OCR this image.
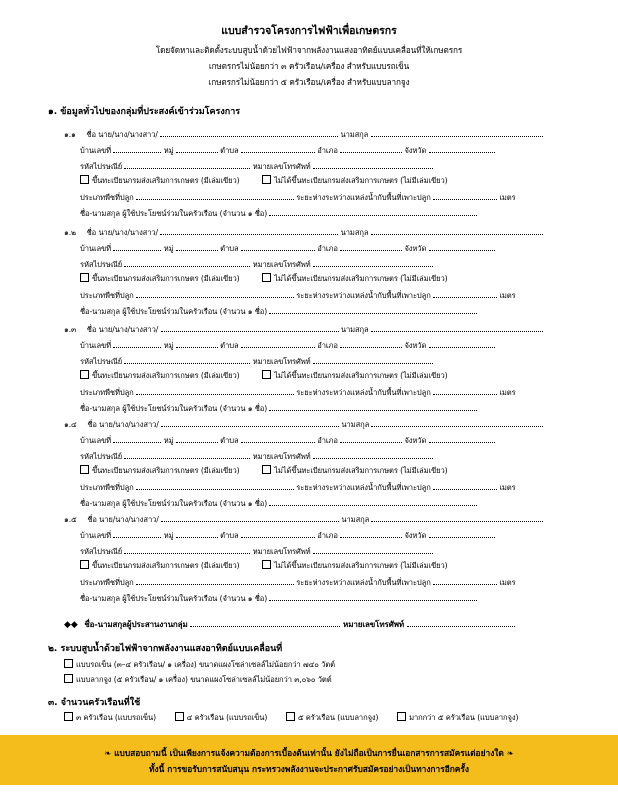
แบบสำรวจโครงการไฟฟ้าเพื่อเกษตรกร
โดยจัดหาและติดตั้งระบบสูบน้ำด้วยไฟฟ้าจากพลังงานแสงอาทิตย์แบบเคลื่อนที่ให้เกษตรกร
เกษตรกรไม่น้อยกว่า ๓ ครัวเรือน/เครื่อง สำหรับแบบรถเข็น
เกษตรกรไม่น้อยกว่า ๕ ครัวเรือน/เครื่อง สำหรับแบบลากจูง
๑. ข้อมูลทั่วไปของกลุ่มที่ประสงค์เข้าร่วมโครงการ
๑.๑ ชื่อ นาย/นาง/นางสาว/	นามสกุล
บ้านเลขที่	หมู่	ตำบล	อำเภอ	จังหวัด
รหัสไปรษณีย์	หมายเลขโทรศัพท์
ขึ้นทะเบียนกรมส่งเสริมการเกษตร (มีเล่มเขียว)	ไม่ได้ขึ้นทะเบียนกรมส่งเสริมการเกษตร (ไม่มีเล่มเขียว)
ประเภทพืชที่ปลูก	ระยะห่างระหว่างแหล่งน้ำกับพื้นที่เพาะปลูก	เมตร
ชื่อ-นามสกุล ผู้ใช้ประโยชน์ร่วมในครัวเรือน (จำนวน ๑ ชื่อ)
๑.๒ ชื่อ นาย/นาง/นางสาว/	นามสกุล
บ้านเลขที่	หมู่	ตำบล	อำเภอ	จังหวัด
รหัสไปรษณีย์	หมายเลขโทรศัพท์
ขึ้นทะเบียนกรมส่งเสริมการเกษตร (มีเล่มเขียว)	ไม่ได้ขึ้นทะเบียนกรมส่งเสริมการเกษตร (ไม่มีเล่มเขียว)
ประเภทพืชที่ปลูก	ระยะห่างระหว่างแหล่งน้ำกับพื้นที่เพาะปลูก	เมตร
ชื่อ-นามสกุล ผู้ใช้ประโยชน์ร่วมในครัวเรือน (จำนวน ๑ ชื่อ)
๑.๓ ชื่อ นาย/นาง/นางสาว/	นามสกุล
บ้านเลขที่	หมู่	ตำบล	อำเภอ	จังหวัด
รหัสไปรษณีย์	หมายเลขโทรศัพท์
ขึ้นทะเบียนกรมส่งเสริมการเกษตร (มีเล่มเขียว)	ไม่ได้ขึ้นทะเบียนกรมส่งเสริมการเกษตร (ไม่มีเล่มเขียว)
ประเภทพืชที่ปลูก	ระยะห่างระหว่างแหล่งน้ำกับพื้นที่เพาะปลูก	เมตร
ชื่อ-นามสกุล ผู้ใช้ประโยชน์ร่วมในครัวเรือน (จำนวน ๑ ชื่อ)
๑.๔ ชื่อ นาย/นาง/นางสาว/	นามสกุล
บ้านเลขที่	หมู่	ตำบล	อำเภอ	จังหวัด
รหัสไปรษณีย์	หมายเลขโทรศัพท์
ขึ้นทะเบียนกรมส่งเสริมการเกษตร (มีเล่มเขียว)	ไม่ได้ขึ้นทะเบียนกรมส่งเสริมการเกษตร (ไม่มีเล่มเขียว)
ประเภทพืชที่ปลูก	ระยะห่างระหว่างแหล่งน้ำกับพื้นที่เพาะปลูก	เมตร
ชื่อ-นามสกุล ผู้ใช้ประโยชน์ร่วมในครัวเรือน (จำนวน ๑ ชื่อ)
๑.๕ ชื่อ นาย/นาง/นางสาว/	นามสกุล
บ้านเลขที่	หมู่	ตำบล	อำเภอ	จังหวัด
รหัสไปรษณีย์	หมายเลขโทรศัพท์
ขึ้นทะเบียนกรมส่งเสริมการเกษตร (มีเล่มเขียว)	ไม่ได้ขึ้นทะเบียนกรมส่งเสริมการเกษตร (ไม่มีเล่มเขียว)
ประเภทพืชที่ปลูก	ระยะห่างระหว่างแหล่งน้ำกับพื้นที่เพาะปลูก	เมตร
ชื่อ-นามสกุล ผู้ใช้ประโยชน์ร่วมในครัวเรือน (จำนวน ๑ ชื่อ)
◆◆ ชื่อ-นามสกุลผู้ประสานงานกลุ่ม	หมายเลขโทรศัพท์
๒. ระบบสูบน้ำด้วยไฟฟ้าจากพลังงานแสงอาทิตย์แบบเคลื่อนที่
แบบรถเข็น (๓–๔ ครัวเรือน/ ๑ เครื่อง) ขนาดแผงโซล่าเซลล์ไม่น้อยกว่า ๗๔๐ วัตต์
แบบลากจูง (๕ ครัวเรือน/ ๑ เครื่อง) ขนาดแผงโซล่าเซลล์ไม่น้อยกว่า ๓,๐๖๐ วัตต์
๓. จำนวนครัวเรือนที่ใช้
๓ ครัวเรือน (แบบรถเข็น)	๔ ครัวเรือน (แบบรถเข็น)	๕ ครัวเรือน (แบบลากจูง)	มากกว่า ๕ ครัวเรือน (แบบลากจูง)
❧ แบบสอบถามนี้ เป็นเพียงการแจ้งความต้องการเบื้องต้นเท่านั้น ยังไม่ถือเป็นการยื่นเอกสารการสมัครแต่อย่างใด ❧
ทั้งนี้ การขอรับการสนับสนุน กระทรวงพลังงานจะประกาศรับสมัครอย่างเป็นทางการอีกครั้ง
